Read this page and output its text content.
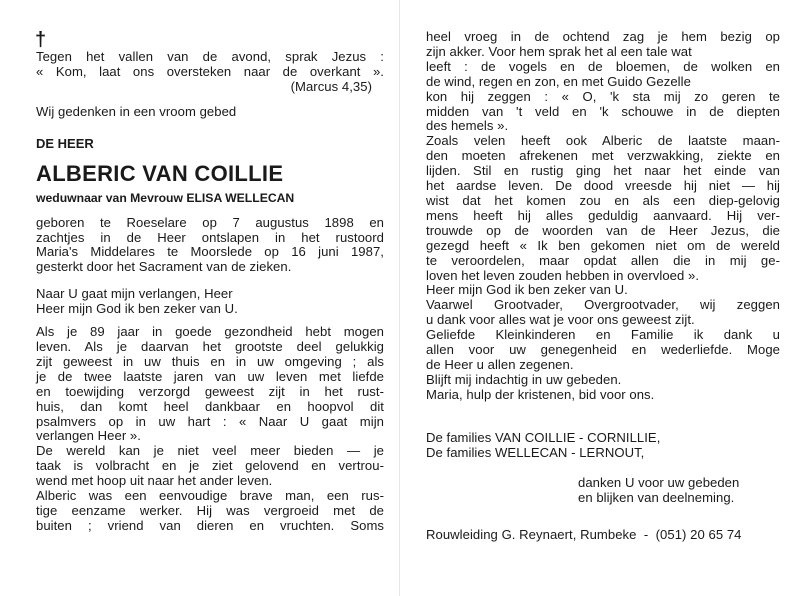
†
Tegen het vallen van de avond, sprak Jezus :
« Kom, laat ons oversteken naar de overkant ».
(Marcus 4,35)
Wij gedenken in een vroom gebed
DE HEER
ALBERIC VAN COILLIE
weduwnaar van Mevrouw ELISA WELLECAN
geboren te Roeselare op 7 augustus 1898 en
zachtjes in de Heer ontslapen in het rustoord
Maria's Middelares te Moorslede op 16 juni 1987,
gesterkt door het Sacrament van de zieken.
Naar U gaat mijn verlangen, Heer
Heer mijn God ik ben zeker van U.
Als je 89 jaar in goede gezondheid hebt mogen
leven. Als je daarvan het grootste deel gelukkig
zijt geweest in uw thuis en in uw omgeving ; als
je de twee laatste jaren van uw leven met liefde
en toewijding verzorgd geweest zijt in het rust-
huis, dan komt heel dankbaar en hoopvol dit
psalmvers op in uw hart : « Naar U gaat mijn
verlangen Heer ».
De wereld kan je niet veel meer bieden — je
taak is volbracht en je ziet gelovend en vertrou-
wend met hoop uit naar het ander leven.
Alberic was een eenvoudige brave man, een rus-
tige eenzame werker. Hij was vergroeid met de
buiten ; vriend van dieren en vruchten. Soms
heel vroeg in de ochtend zag je hem bezig op
zijn akker. Voor hem sprak het al een tale wat
leeft : de vogels en de bloemen, de wolken en
de wind, regen en zon, en met Guido Gezelle
kon hij zeggen : « O, 'k sta mij zo geren te
midden van 't veld en 'k schouwe in de diepten
des hemels ».
Zoals velen heeft ook Alberic de laatste maan-
den moeten afrekenen met verzwakking, ziekte en
lijden. Stil en rustig ging het naar het einde van
het aardse leven. De dood vreesde hij niet — hij
wist dat het komen zou en als een diep-gelovig
mens heeft hij alles geduldig aanvaard. Hij ver-
trouwde op de woorden van de Heer Jezus, die
gezegd heeft « Ik ben gekomen niet om de wereld
te veroordelen, maar opdat allen die in mij ge-
loven het leven zouden hebben in overvloed ».
Heer mijn God ik ben zeker van U.
Vaarwel Grootvader, Overgrootvader, wij zeggen
u dank voor alles wat je voor ons geweest zijt.
Geliefde Kleinkinderen en Familie ik dank u
allen voor uw genegenheid en wederliefde. Moge
de Heer u allen zegenen.
Blijft mij indachtig in uw gebeden.
Maria, hulp der kristenen, bid voor ons.
De families VAN COILLIE - CORNILLIE,
De families WELLECAN - LERNOUT,
danken U voor uw gebeden
en blijken van deelneming.
Rouwleiding G. Reynaert, Rumbeke  -  (051) 20 65 74
